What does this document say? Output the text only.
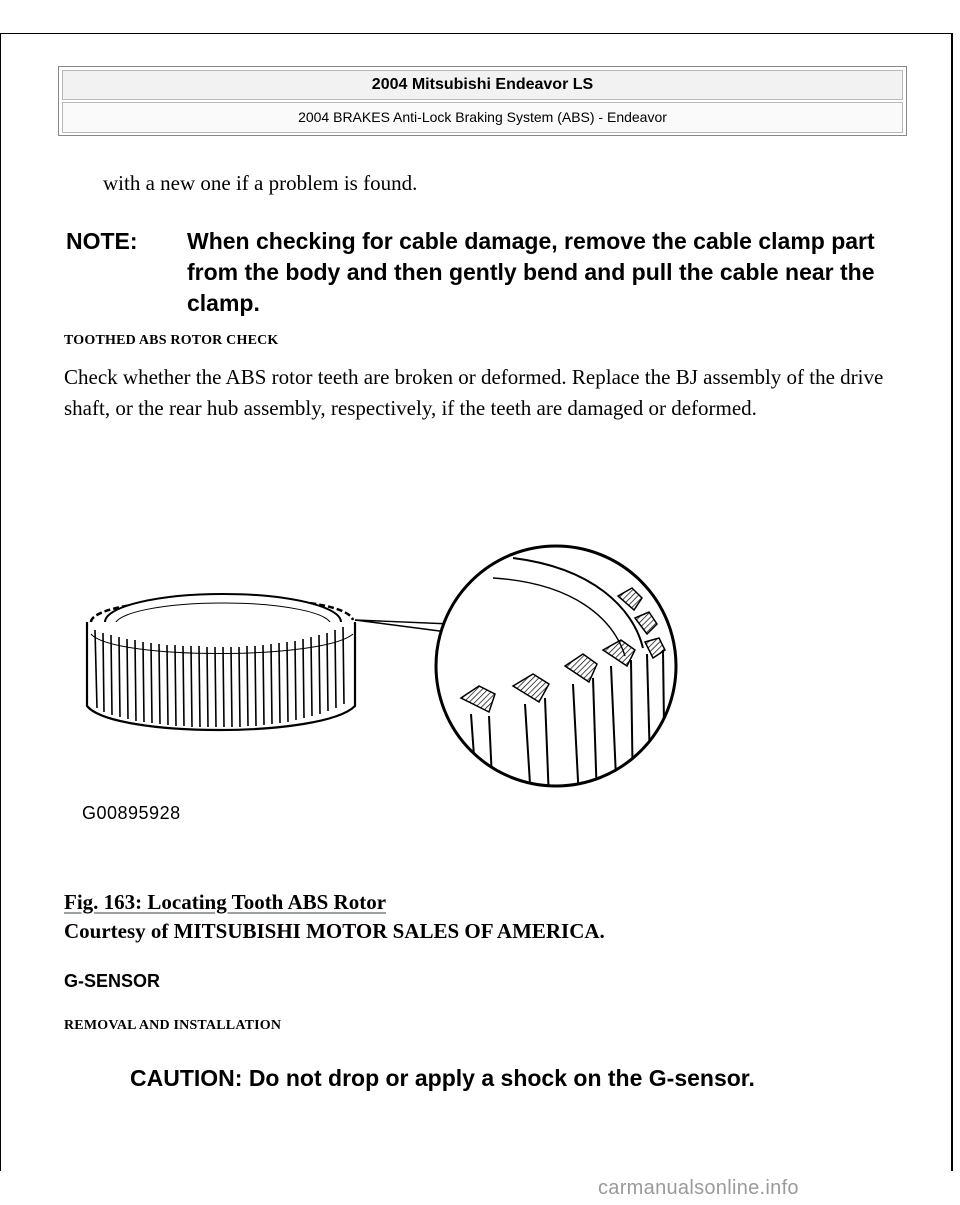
2004 Mitsubishi Endeavor LS
2004 BRAKES Anti-Lock Braking System (ABS) - Endeavor

with a new one if a problem is found.

NOTE: When checking for cable damage, remove the cable clamp part from the body and then gently bend and pull the cable near the clamp.

TOOTHED ABS ROTOR CHECK

Check whether the ABS rotor teeth are broken or deformed. Replace the BJ assembly of the drive shaft, or the rear hub assembly, respectively, if the teeth are damaged or deformed.

G00895928
Fig. 163: Locating Tooth ABS Rotor
Courtesy of MITSUBISHI MOTOR SALES OF AMERICA.
G-SENSOR

REMOVAL AND INSTALLATION

CAUTION: Do not drop or apply a shock on the G-sensor.
carmanualsonline.info
